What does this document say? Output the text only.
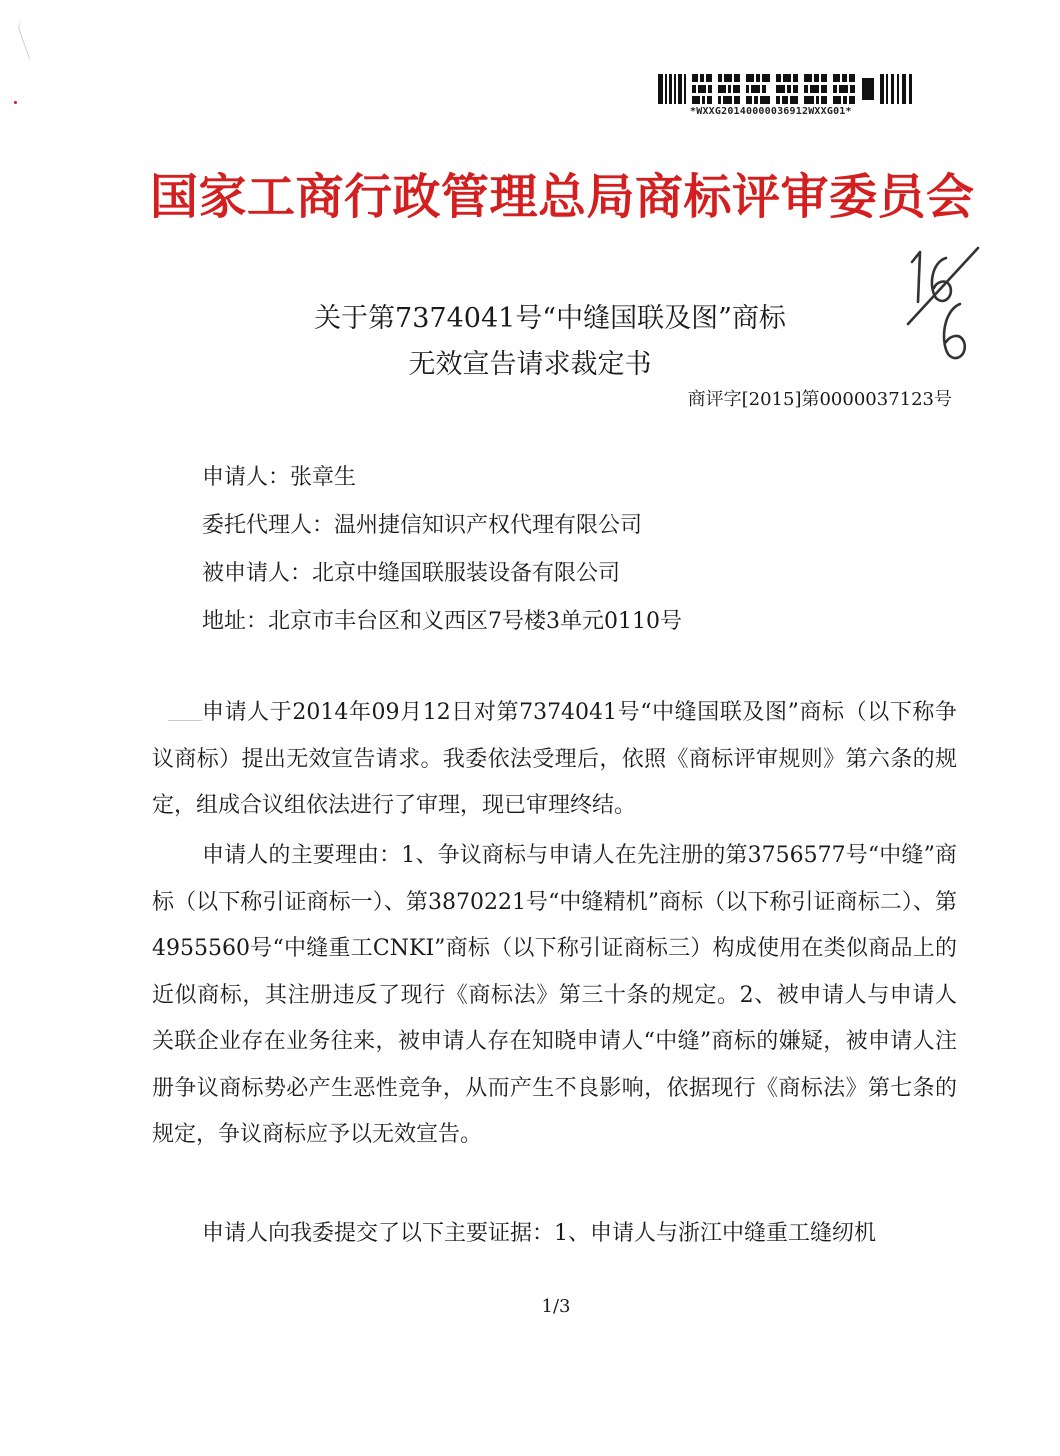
*WXXG20140000036912WXXG01*
国家工商行政管理总局商标评审委员会
关于第7374041号“中缝国联及图”商标
无效宣告请求裁定书
商评字[2015]第0000037123号
申请人：张章生
委托代理人：温州捷信知识产权代理有限公司
被申请人：北京中缝国联服装设备有限公司
地址：北京市丰台区和义西区7号楼3单元0110号

申请人于2014年09月12日对第7374041号“中缝国联及图”商标（以下称争议商标）提出无效宣告请求。我委依法受理后，依照《商标评审规则》第六条的规定，组成合议组依法进行了审理，现已审理终结。

申请人的主要理由：1、争议商标与申请人在先注册的第3756577号“中缝”商标（以下称引证商标一）、第3870221号“中缝精机”商标（以下称引证商标二）、第4955560号“中缝重工CNKI”商标（以下称引证商标三）构成使用在类似商品上的近似商标，其注册违反了现行《商标法》第三十条的规定。2、被申请人与申请人关联企业存在业务往来，被申请人存在知晓申请人“中缝”商标的嫌疑，被申请人注册争议商标势必产生恶性竞争，从而产生不良影响，依据现行《商标法》第七条的规定，争议商标应予以无效宣告。

申请人向我委提交了以下主要证据：1、申请人与浙江中缝重工缝纫机

1/3
